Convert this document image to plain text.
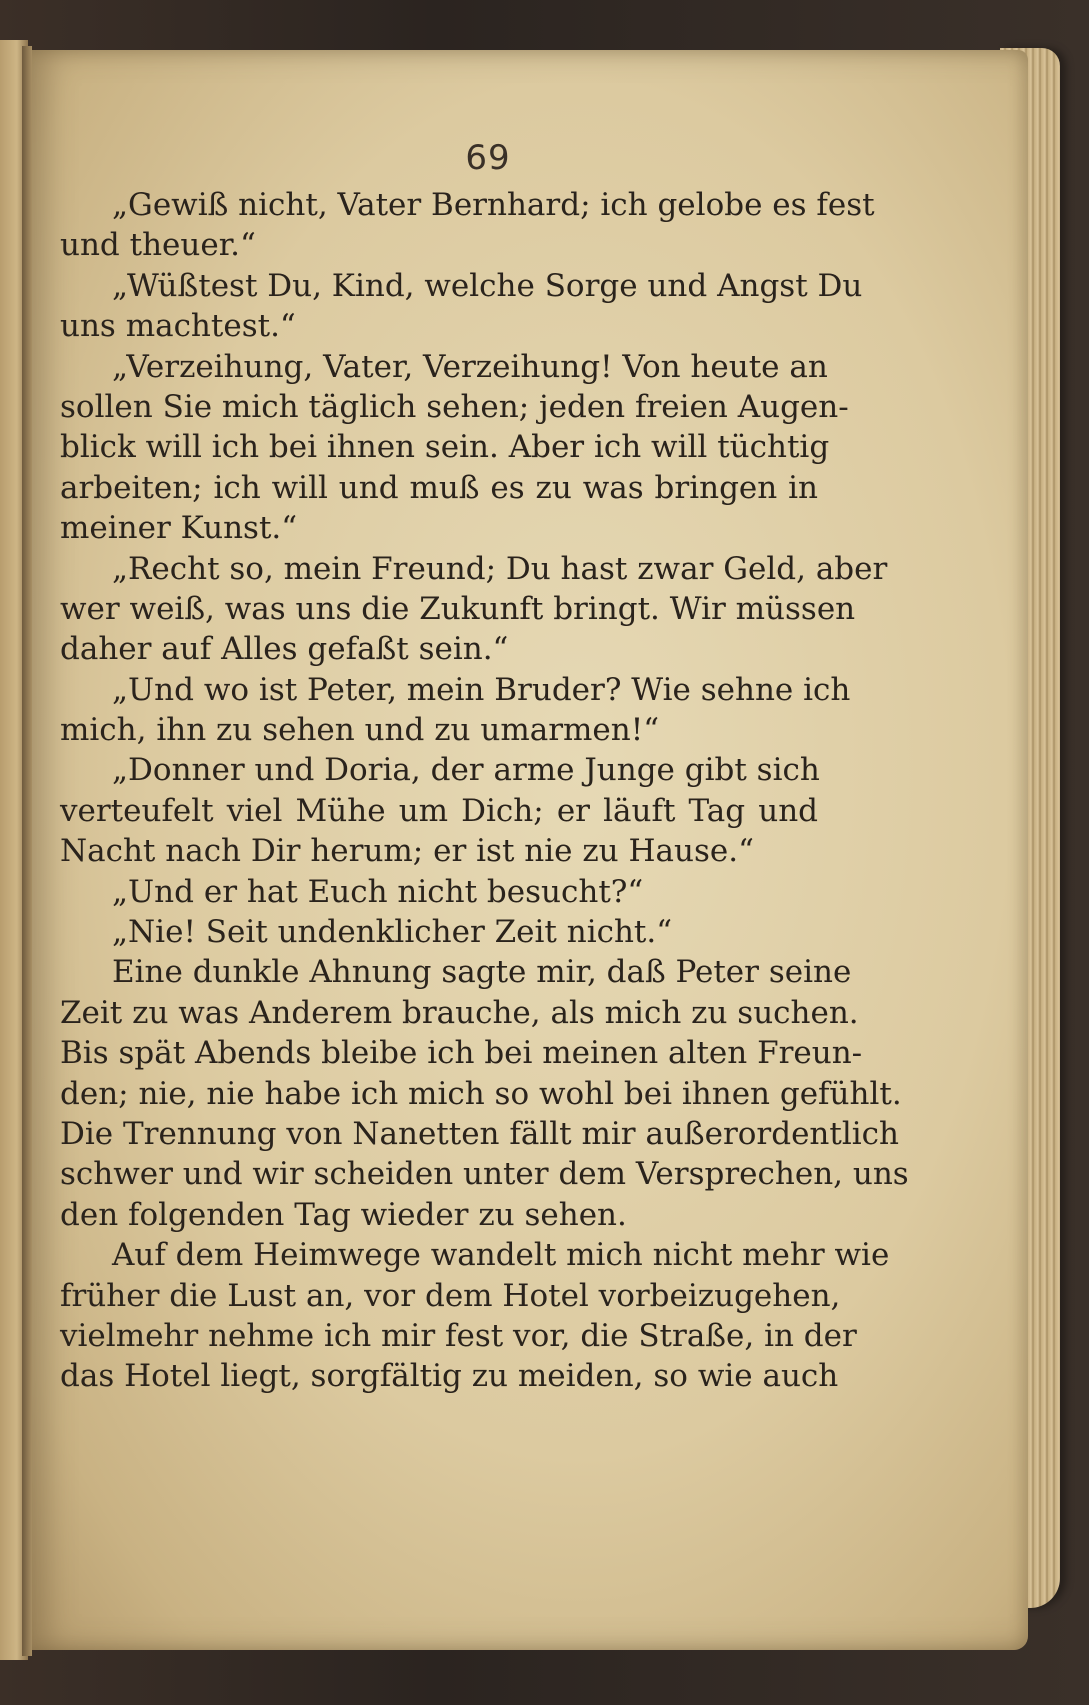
69
„Gewiß nicht, Vater Bernhard; ich gelobe es fest
und theuer.“
„Wüßtest Du, Kind, welche Sorge und Angst Du
uns machtest.“
„Verzeihung, Vater, Verzeihung! Von heute an
sollen Sie mich täglich sehen; jeden freien Augen-
blick will ich bei ihnen sein. Aber ich will tüchtig
arbeiten; ich will und muß es zu was bringen in
meiner Kunst.“
„Recht so, mein Freund; Du hast zwar Geld, aber
wer weiß, was uns die Zukunft bringt. Wir müssen
daher auf Alles gefaßt sein.“
„Und wo ist Peter, mein Bruder? Wie sehne ich
mich, ihn zu sehen und zu umarmen!“
„Donner und Doria, der arme Junge gibt sich
verteufelt viel Mühe um Dich; er läuft Tag und
Nacht nach Dir herum; er ist nie zu Hause.“
„Und er hat Euch nicht besucht?“
„Nie! Seit undenklicher Zeit nicht.“
Eine dunkle Ahnung sagte mir, daß Peter seine
Zeit zu was Anderem brauche, als mich zu suchen.
Bis spät Abends bleibe ich bei meinen alten Freun-
den; nie, nie habe ich mich so wohl bei ihnen gefühlt.
Die Trennung von Nanetten fällt mir außerordentlich
schwer und wir scheiden unter dem Versprechen, uns
den folgenden Tag wieder zu sehen.
Auf dem Heimwege wandelt mich nicht mehr wie
früher die Lust an, vor dem Hotel vorbeizugehen,
vielmehr nehme ich mir fest vor, die Straße, in der
das Hotel liegt, sorgfältig zu meiden, so wie auch
